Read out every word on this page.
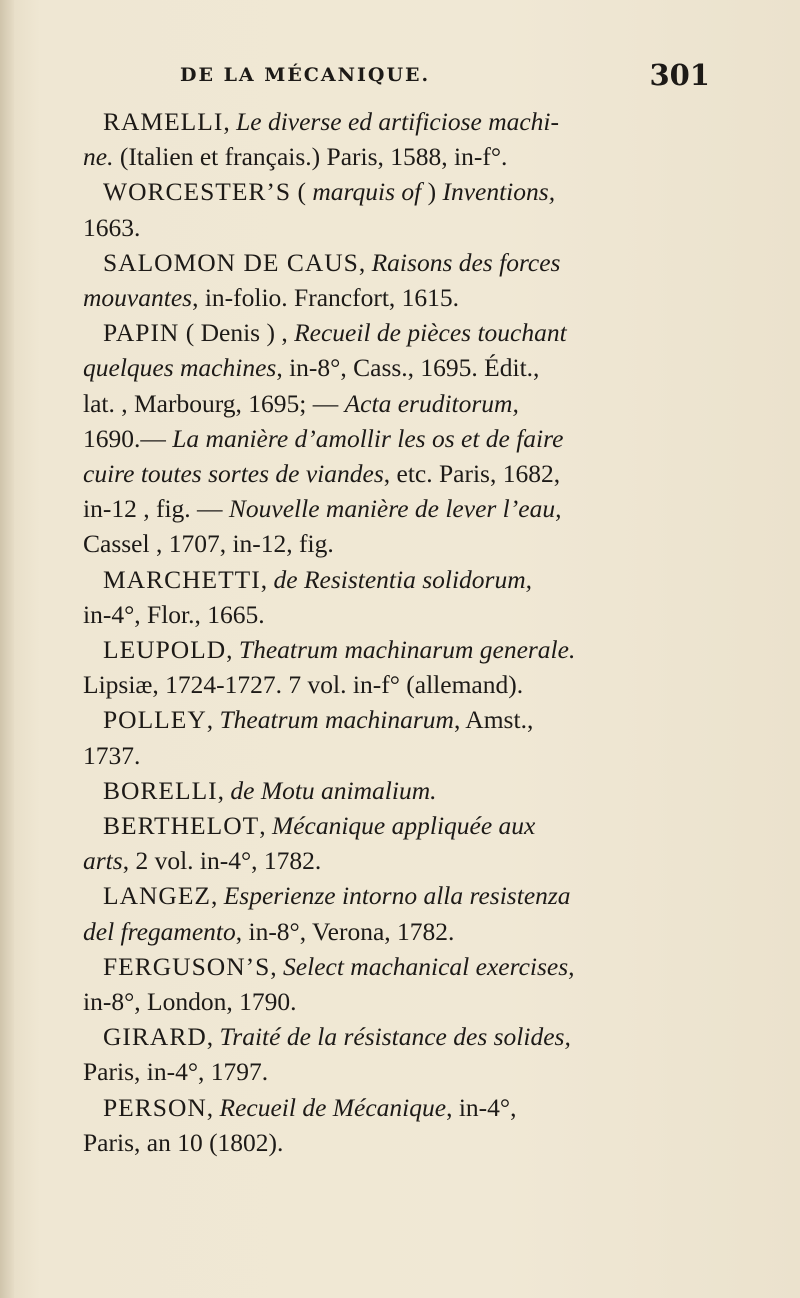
DE LA MÉCANIQUE.	301
RAMELLI, Le diverse ed artificiose machi-
ne. (Italien et français.) Paris, 1588, in-f°.
WORCESTER’S ( marquis of ) Inventions,
1663.
SALOMON DE CAUS, Raisons des forces
mouvantes, in-folio. Francfort, 1615.
PAPIN ( Denis ) , Recueil de pièces touchant
quelques machines, in-8°, Cass., 1695. Édit.,
lat. , Marbourg, 1695; — Acta eruditorum,
1690.— La manière d’amollir les os et de faire
cuire toutes sortes de viandes, etc. Paris, 1682,
in-12 , fig. — Nouvelle manière de lever l’eau,
Cassel , 1707, in-12, fig.
MARCHETTI, de Resistentia solidorum,
in-4°, Flor., 1665.
LEUPOLD, Theatrum machinarum generale.
Lipsiæ, 1724-1727. 7 vol. in-f° (allemand).
POLLEY, Theatrum machinarum, Amst.,
1737.
BORELLI, de Motu animalium.
BERTHELOT, Mécanique appliquée aux
arts, 2 vol. in-4°, 1782.
LANGEZ, Esperienze intorno alla resistenza
del fregamento, in-8°, Verona, 1782.
FERGUSON’S, Select machanical exercises,
in-8°, London, 1790.
GIRARD, Traité de la résistance des solides,
Paris, in-4°, 1797.
PERSON, Recueil de Mécanique, in-4°,
Paris, an 10 (1802).
